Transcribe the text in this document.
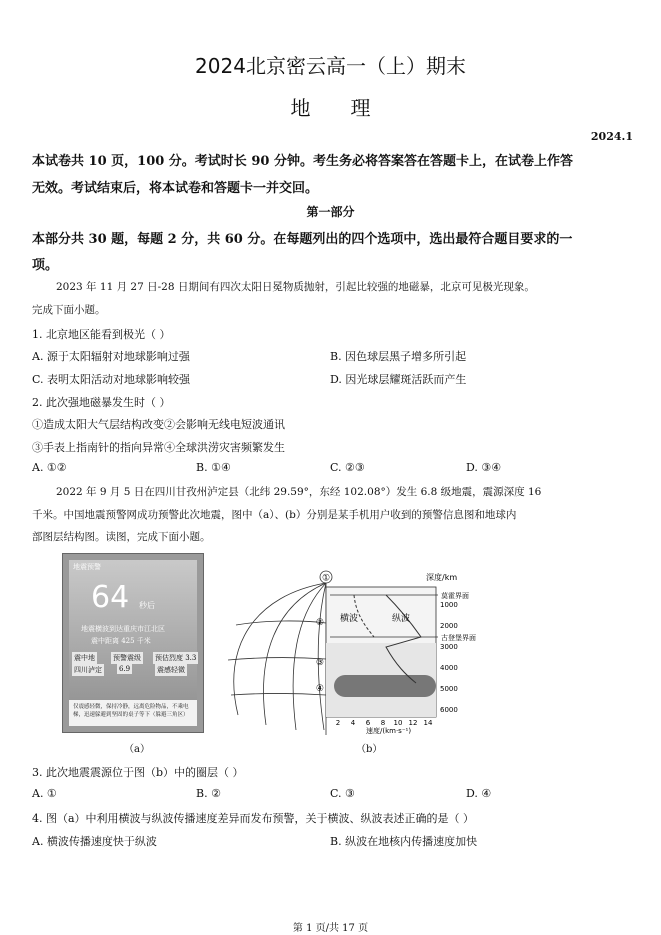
2024北京密云高一（上）期末
地理
2024.1
本试卷共 10 页，100 分。考试时长 90 分钟。考生务必将答案答在答题卡上，在试卷上作答
无效。考试结束后，将本试卷和答题卡一并交回。
第一部分
本部分共 30 题，每题 2 分，共 60 分。在每题列出的四个选项中，选出最符合题目要求的一
项。
2023 年 11 月 27 日-28 日期间有四次太阳日冕物质抛射，引起比较强的地磁暴，北京可见极光现象。
完成下面小题。
1. 北京地区能看到极光（ ）
A. 源于太阳辐射对地球影响过强	B. 因色球层黑子增多所引起
C. 表明太阳活动对地球影响较强	D. 因光球层耀斑活跃而产生
2. 此次强地磁暴发生时（ ）
①造成太阳大气层结构改变②会影响无线电短波通讯
③手表上指南针的指向异常④全球洪涝灾害频繁发生
A. ①②	B. ①④	C. ②③	D. ③④
2022 年 9 月 5 日在四川甘孜州泸定县（北纬 29.59°，东经 102.08°）发生 6.8 级地震，震源深度 16
千米。中国地震预警网成功预警此次地震，图中（a）、(b）分别是某手机用户收到的预警信息图和地球内
部图层结构图。读图，完成下面小题。
地震预警
64 秒后
地震横波到达重庆市江北区
震中距离 425 千米
震中地	预警震级 预估烈度 3.3
四川泸定 6.9	震感轻微
仅震感轻微，保持冷静，远离危险物品，不乘电梯，迅速躲避到坚固的桌子等下（躲避三角区）
（a）
①
②
③
④
横波	纵波
深度/km
莫霍界面
古登堡界面
1000
2000
3000
4000
5000
6000
2 4 6 8 10 12 14
速度/(km·s⁻¹)
（b）
3. 此次地震震源位于图（b）中的圈层（ ）
A. ①	B. ②	C. ③	D. ④
4. 图（a）中利用横波与纵波传播速度差异而发布预警，关于横波、纵波表述正确的是（ ）
A. 横波传播速度快于纵波	B. 纵波在地核内传播速度加快
第 1 页/共 17 页
